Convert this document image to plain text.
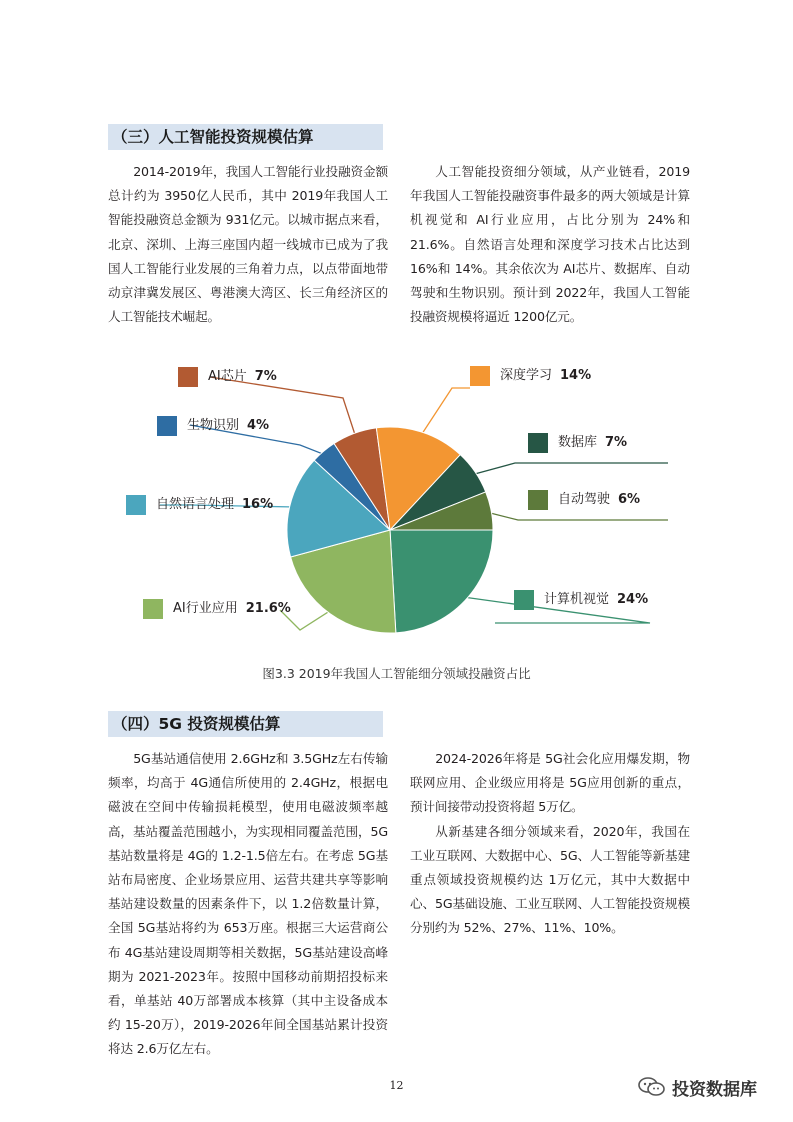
（三）人工智能投资规模估算

2014-2019年，我国人工智能行业投融资金额总计约为 3950亿人民币，其中 2019年我国人工智能投融资总金额为 931亿元。以城市据点来看，北京、深圳、上海三座国内超一线城市已成为了我国人工智能行业发展的三角着力点，以点带面地带动京津冀发展区、粤港澳大湾区、长三角经济区的人工智能技术崛起。

人工智能投资细分领域，从产业链看，2019年我国人工智能投融资事件最多的两大领域是计算机视觉和 AI行业应用，占比分别为 24%和 21.6%。自然语言处理和深度学习技术占比达到 16%和 14%。其余依次为 AI芯片、数据库、自动驾驶和生物识别。预计到 2022年，我国人工智能投融资规模将逼近 1200亿元。

计算机视觉 24%
AI行业应用 21.6%
自然语言处理 16%
生物识别 4%
AI芯片 7%	深度学习 14%
数据库 7%
自动驾驶 6%
图3.3 2019年我国人工智能细分领域投融资占比
（四）5G 投资规模估算

5G基站通信使用 2.6GHz和 3.5GHz左右传输频率，均高于 4G通信所使用的 2.4GHz，根据电磁波在空间中传输损耗模型，使用电磁波频率越高，基站覆盖范围越小，为实现相同覆盖范围，5G基站数量将是 4G的 1.2-1.5倍左右。在考虑 5G基站布局密度、企业场景应用、运营共建共享等影响基站建设数量的因素条件下，以 1.2倍数量计算，全国 5G基站将约为 653万座。根据三大运营商公布 4G基站建设周期等相关数据，5G基站建设高峰期为 2021-2023年。按照中国移动前期招投标来看，单基站 40万部署成本核算（其中主设备成本约 15-20万），2019-2026年间全国基站累计投资将达 2.6万亿左右。

2024-2026年将是 5G社会化应用爆发期，物联网应用、企业级应用将是 5G应用创新的重点，预计间接带动投资将超 5万亿。

从新基建各细分领域来看，2020年，我国在工业互联网、大数据中心、5G、人工智能等新基建重点领域投资规模约达 1万亿元，其中大数据中心、5G基础设施、工业互联网、人工智能投资规模分别约为 52%、27%、11%、10%。

12	投资数据库
